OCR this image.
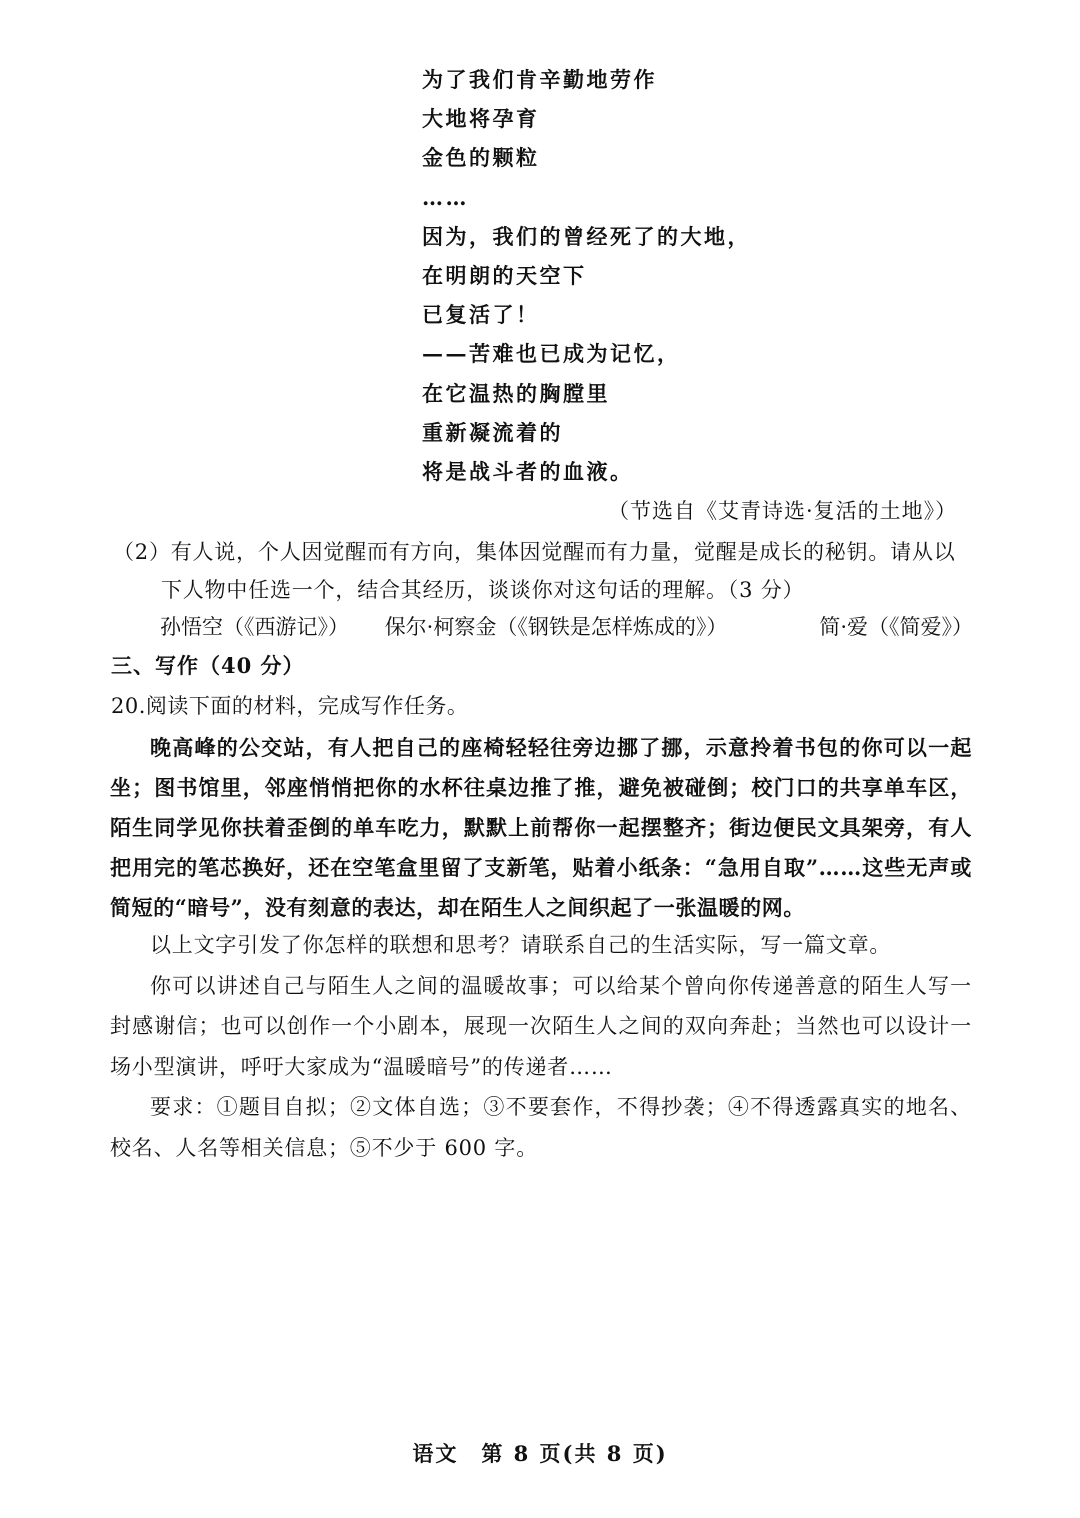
为了我们肯辛勤地劳作
大地将孕育
金色的颗粒
……
因为，我们的曾经死了的大地，
在明朗的天空下
已复活了！
——苦难也已成为记忆，
在它温热的胸膛里
重新凝流着的
将是战斗者的血液。
（节选自《艾青诗选·复活的土地》）

（2）有人说，个人因觉醒而有方向，集体因觉醒而有力量，觉醒是成长的秘钥。请从以

下人物中任选一个，结合其经历，谈谈你对这句话的理解。（3 分）

孙悟空（《西游记》） 保尔·柯察金（《钢铁是怎样炼成的》）	简·爱（《简爱》）
三、写作（40 分）
20.阅读下面的材料，完成写作任务。

晚高峰的公交站，有人把自己的座椅轻轻往旁边挪了挪，示意拎着书包的你可以一起坐；图书馆里，邻座悄悄把你的水杯往桌边推了推，避免被碰倒；校门口的共享单车区，陌生同学见你扶着歪倒的单车吃力，默默上前帮你一起摆整齐；街边便民文具架旁，有人把用完的笔芯换好，还在空笔盒里留了支新笔，贴着小纸条：“急用自取”……这些无声或简短的“暗号”，没有刻意的表达，却在陌生人之间织起了一张温暖的网。

以上文字引发了你怎样的联想和思考？请联系自己的生活实际，写一篇文章。

你可以讲述自己与陌生人之间的温暖故事；可以给某个曾向你传递善意的陌生人写一封感谢信；也可以创作一个小剧本，展现一次陌生人之间的双向奔赴；当然也可以设计一场小型演讲，呼吁大家成为“温暖暗号”的传递者……

要求：①题目自拟；②文体自选；③不要套作，不得抄袭；④不得透露真实的地名、校名、人名等相关信息；⑤不少于 600 字。

语文　第 8 页(共 8 页)
